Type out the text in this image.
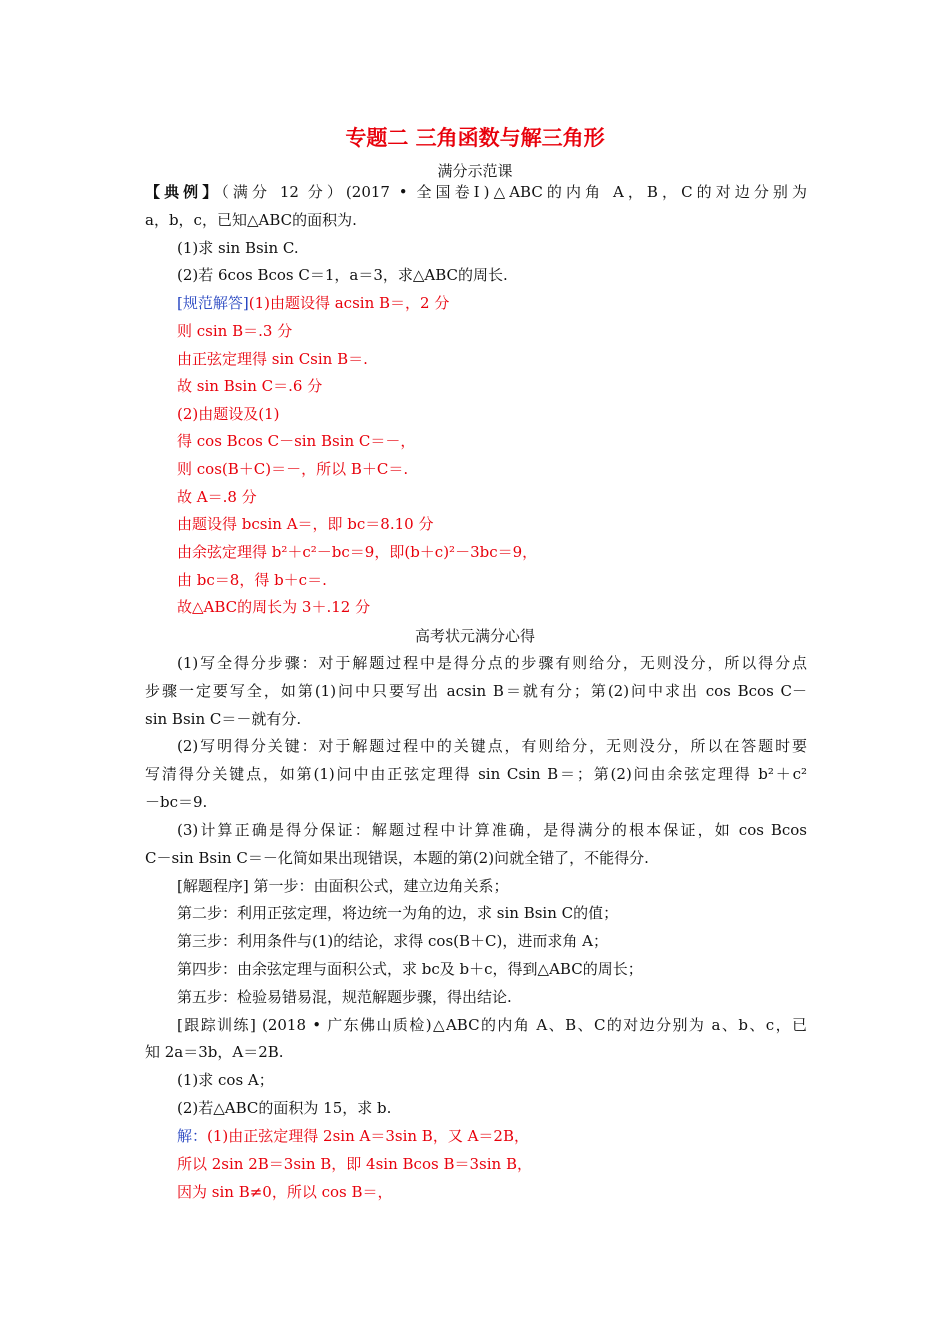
专题二 三角函数与解三角形
满分示范课
【典例】（满分 12 分）(2017 • 全国卷Ⅰ)△ABC的内角 A，B，C的对边分别为
a，b，c，已知△ABC的面积为.
(1)求 sin Bsin C.
(2)若 6cos Bcos C＝1，a＝3，求△ABC的周长.
[规范解答](1)由题设得 acsin B＝，2 分
则 csin B＝.3 分
由正弦定理得 sin Csin B＝.
故 sin Bsin C＝.6 分
(2)由题设及(1)
得 cos Bcos C－sin Bsin C＝－，
则 cos(B＋C)＝－，所以 B＋C＝.
故 A＝.8 分
由题设得 bcsin A＝，即 bc＝8.10 分
由余弦定理得 b²＋c²－bc＝9，即(b＋c)²－3bc＝9，
由 bc＝8，得 b＋c＝.
故△ABC的周长为 3＋.12 分
高考状元满分心得
(1)写全得分步骤：对于解题过程中是得分点的步骤有则给分，无则没分，所以得分点
步骤一定要写全，如第(1)问中只要写出 acsin B＝就有分；第(2)问中求出 cos Bcos C－
sin Bsin C＝－就有分.
(2)写明得分关键：对于解题过程中的关键点，有则给分，无则没分，所以在答题时要
写清得分关键点，如第(1)问中由正弦定理得 sin Csin B＝；第(2)问由余弦定理得 b²＋c²
－bc＝9.
(3)计算正确是得分保证：解题过程中计算准确，是得满分的根本保证，如 cos Bcos
C－sin Bsin C＝－化简如果出现错误，本题的第(2)问就全错了，不能得分.
[解题程序] 第一步：由面积公式，建立边角关系；
第二步：利用正弦定理，将边统一为角的边，求 sin Bsin C的值；
第三步：利用条件与(1)的结论，求得 cos(B＋C)，进而求角 A；
第四步：由余弦定理与面积公式，求 bc及 b＋c，得到△ABC的周长；
第五步：检验易错易混，规范解题步骤，得出结论.
[跟踪训练] (2018 • 广东佛山质检)△ABC的内角 A、B、C的对边分别为 a、b、c，已
知 2a＝3b，A＝2B.
(1)求 cos A；
(2)若△ABC的面积为 15，求 b.
解：(1)由正弦定理得 2sin A＝3sin B，又 A＝2B，
所以 2sin 2B＝3sin B，即 4sin Bcos B＝3sin B，
因为 sin B≠0，所以 cos B＝，
